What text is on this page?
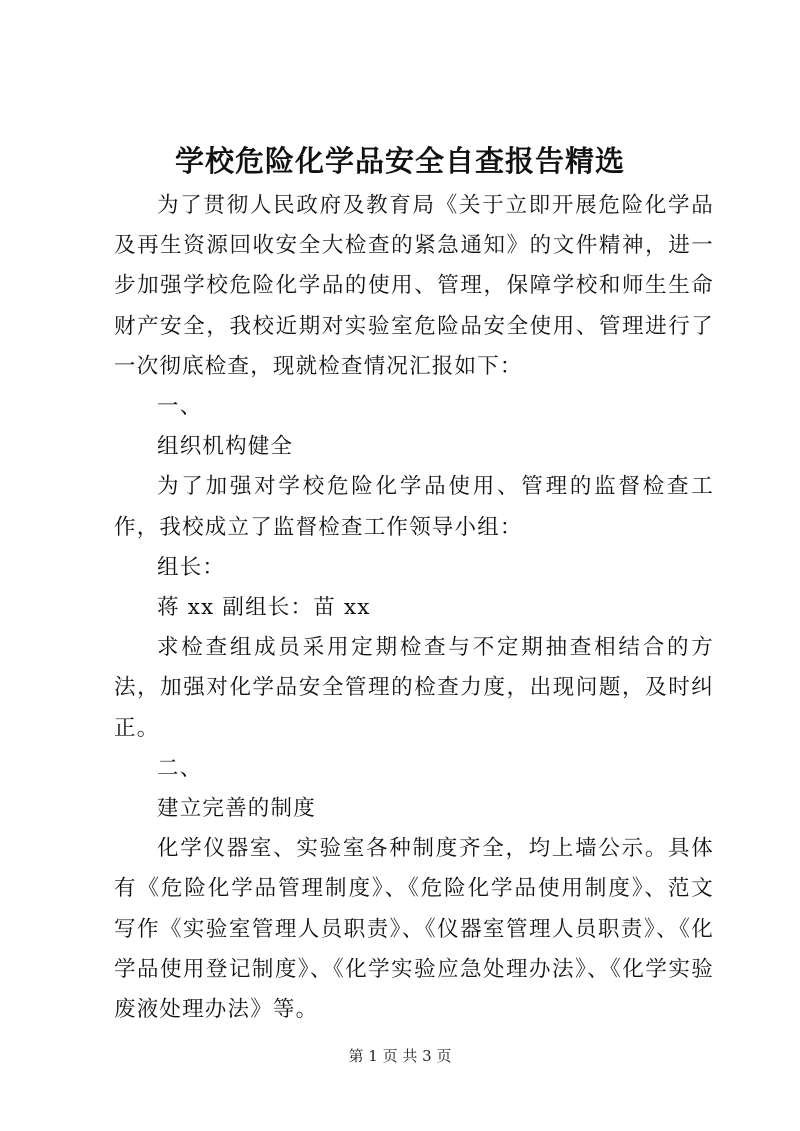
学校危险化学品安全自查报告精选

为了贯彻人民政府及教育局《关于立即开展危险化学品及再生资源回收安全大检查的紧急通知》的文件精神，进一步加强学校危险化学品的使用、管理，保障学校和师生生命财产安全，我校近期对实验室危险品安全使用、管理进行了一次彻底检查，现就检查情况汇报如下：

一、

组织机构健全

为了加强对学校危险化学品使用、管理的监督检查工作，我校成立了监督检查工作领导小组：

组长：

蒋 xx 副组长：苗 xx

求检查组成员采用定期检查与不定期抽查相结合的方法，加强对化学品安全管理的检查力度，出现问题，及时纠正。

二、

建立完善的制度

化学仪器室、实验室各种制度齐全，均上墙公示。具体有《危险化学品管理制度》、《危险化学品使用制度》、范文写作《实验室管理人员职责》、《仪器室管理人员职责》、《化学品使用登记制度》、《化学实验应急处理办法》、《化学实验废液处理办法》等。

第 1 页 共 3 页
